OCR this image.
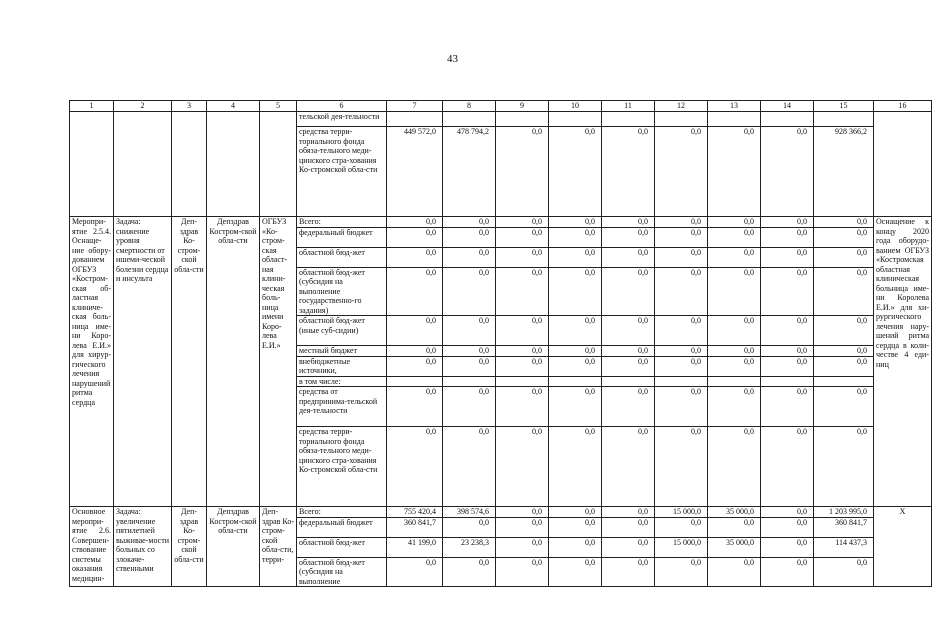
43
1	2	3	4	5	6	7	8	9	10	11	12	13	14	15	16
					тельской дея-тельности										
					средства терри-ториального фонда обяза-тельного меди-цинского стра-хования Ко-стромской обла-сти	449 572,0	478 794,2	0,0	0,0	0,0	0,0	0,0	0,0	928 366,2	
Меропри-ятие 2.5.4. Оснаще-ние обору-дованием ОГБУЗ «Костром-ская об-ластная клиниче-ская боль-ница име-ни Коро-лева Е.И.» для хирур-гического лечения нарушений ритма сердца	Задача: снижение уровня смертности от ишеми-ческой болезни сердца и инсульта	Деп-здрав Ко-стром-ской обла-сти	Депздрав Костром-ской обла-сти	ОГБУЗ «Ко-стром-ская област-ная клини-ческая боль-ница имени Коро-лева Е.И.»	Всего:	0,0	0,0	0,0	0,0	0,0	0,0	0,0	0,0	0,0	Оснащение к концу 2020 года оборудо-ванием ОГБУЗ «Костромская областная клиническая больница име-ни Королева Е.И.» для хи-рургического лечения нару-шений ритма сердца в коли-честве 4 еди-ниц
					федеральный бюджет	0,0	0,0	0,0	0,0	0,0	0,0	0,0	0,0	0,0	
					областной бюд-жет	0,0	0,0	0,0	0,0	0,0	0,0	0,0	0,0	0,0	
					областной бюд-жет (субсидия на выполнение государственно-го задания)	0,0	0,0	0,0	0,0	0,0	0,0	0,0	0,0	0,0	
					областной бюд-жет (иные суб-сидии)	0,0	0,0	0,0	0,0	0,0	0,0	0,0	0,0	0,0	
					местный бюджет	0,0	0,0	0,0	0,0	0,0	0,0	0,0	0,0	0,0	
					внебюджетные источники,	0,0	0,0	0,0	0,0	0,0	0,0	0,0	0,0	0,0	
					в том числе:										
					средства от предпринима-тельской дея-тельности	0,0	0,0	0,0	0,0	0,0	0,0	0,0	0,0	0,0	
					средства терри-ториального фонда обяза-тельного меди-цинского стра-хования Ко-стромской обла-сти	0,0	0,0	0,0	0,0	0,0	0,0	0,0	0,0	0,0	
Основное меропри-ятие 2.6. Совершен-ствование системы оказания медицин-	Задача: увеличение пятилетней выживае-мости больных со злокаче-ственными	Деп-здрав Ко-стром-ской обла-сти	Депздрав Костром-ской обла-сти	Деп-здрав Ко-стром-ской обла-сти, терри-	Всего:	755 420,4	398 574,6	0,0	0,0	0,0	15 000,0	35 000,0	0,0	1 203 995,0	Х
					федеральный бюджет	360 841,7	0,0	0,0	0,0	0,0	0,0	0,0	0,0	360 841,7	
					областной бюд-жет	41 199,0	23 238,3	0,0	0,0	0,0	15 000,0	35 000,0	0,0	114 437,3	
					областной бюд-жет (субсидия на выполнение	0,0	0,0	0,0	0,0	0,0	0,0	0,0	0,0	0,0	
